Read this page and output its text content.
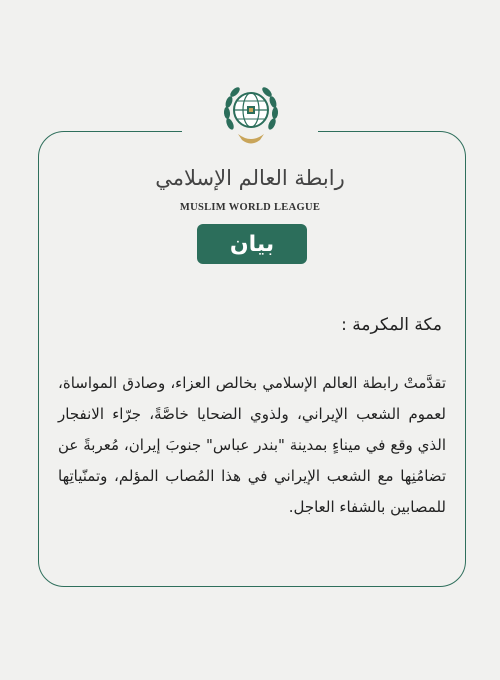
رابطة العالم الإسلامي
MUSLIM WORLD LEAGUE
بيان
مكة المكرمة :
تقدَّمتْ رابطة العالم الإسلامي بخالص العزاء، وصادق المواساة، لعموم الشعب الإيراني، ولذوي الضحايا خاصَّةً، جرّاء الانفجار الذي وقع في ميناءٍ بمدينة "بندر عباس" جنوبَ إيران، مُعربةً عن تضامُنِها مع الشعب الإيراني في هذا المُصاب المؤلم، وتمنّياتِها للمصابين بالشفاء العاجل.
